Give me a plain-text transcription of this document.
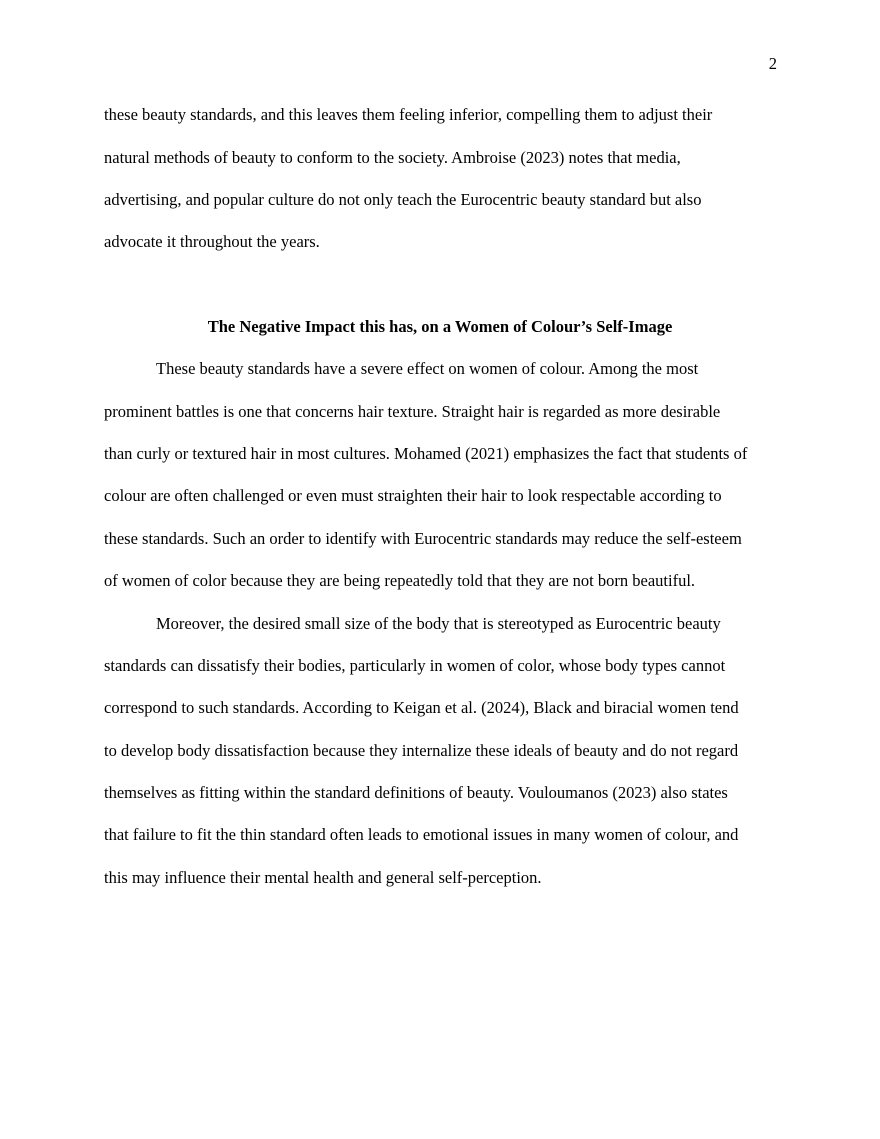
2
these beauty standards, and this leaves them feeling inferior, compelling them to adjust their
natural methods of beauty to conform to the society. Ambroise (2023) notes that media,
advertising, and popular culture do not only teach the Eurocentric beauty standard but also
advocate it throughout the years.
The Negative Impact this has, on a Women of Colour’s Self-Image
These beauty standards have a severe effect on women of colour. Among the most
prominent battles is one that concerns hair texture. Straight hair is regarded as more desirable
than curly or textured hair in most cultures. Mohamed (2021) emphasizes the fact that students of
colour are often challenged or even must straighten their hair to look respectable according to
these standards. Such an order to identify with Eurocentric standards may reduce the self-esteem
of women of color because they are being repeatedly told that they are not born beautiful.
Moreover, the desired small size of the body that is stereotyped as Eurocentric beauty
standards can dissatisfy their bodies, particularly in women of color, whose body types cannot
correspond to such standards. According to Keigan et al. (2024), Black and biracial women tend
to develop body dissatisfaction because they internalize these ideals of beauty and do not regard
themselves as fitting within the standard definitions of beauty. Vouloumanos (2023) also states
that failure to fit the thin standard often leads to emotional issues in many women of colour, and
this may influence their mental health and general self-perception.
